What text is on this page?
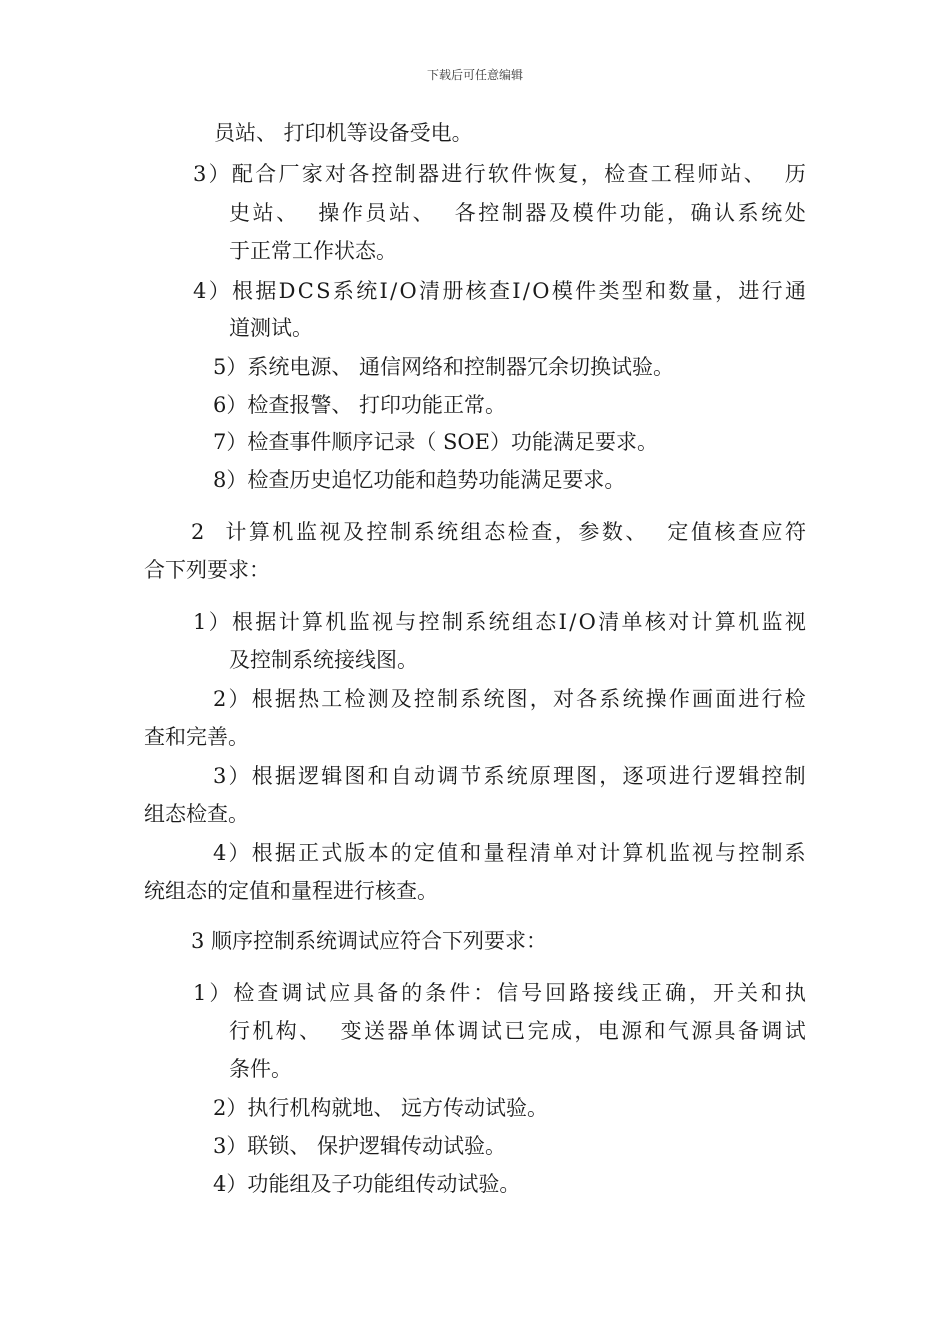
下载后可任意编辑
员站、 打印机等设备受电。
3 ） 配 合 厂 家 对 各 控 制 器 进 行 软 件 恢 复 ， 检 查 工 程 师 站 、

历
史 站 、

操 作 员 站 、

各 控 制 器 及 模 件 功 能 ， 确 认 系 统 处
于正常工作状态。
4 ） 根 据 D C S 系 统 I / O 清 册 核 查 I / O 模 件 类 型 和 数 量 ， 进 行 通
道测试。
5）系统电源、 通信网络和控制器冗余切换试验。
6）检查报警、 打印功能正常。
7）检查事件顺序记录（ SOE）功能满足要求。
8）检查历史追忆功能和趋势功能满足要求。
2

计 算 机 监 视 及 控 制 系 统 组 态 检 查 ， 参 数 、

定 值 核 查 应 符
合下列要求：
1 ） 根 据 计 算 机 监 视 与 控 制 系 统 组 态 I / O 清 单 核 对 计 算 机 监 视
及控制系统接线图。
2 ） 根 据 热 工 检 测 及 控 制 系 统 图 ， 对 各 系 统 操 作 画 面 进 行 检
查和完善。
3 ） 根 据 逻 辑 图 和 自 动 调 节 系 统 原 理 图 ， 逐 项 进 行 逻 辑 控 制
组态检查。
4 ） 根 据 正 式 版 本 的 定 值 和 量 程 清 单 对 计 算 机 监 视 与 控 制 系
统组态的定值和量程进行核查。
3 顺序控制系统调试应符合下列要求：
1 ） 检 查 调 试 应 具 备 的 条 件 ： 信 号 回 路 接 线 正 确 ， 开 关 和 执
行 机 构 、

变 送 器 单 体 调 试 已 完 成 ， 电 源 和 气 源 具 备 调 试
条件。
2）执行机构就地、 远方传动试验。
3）联锁、 保护逻辑传动试验。
4）功能组及子功能组传动试验。
